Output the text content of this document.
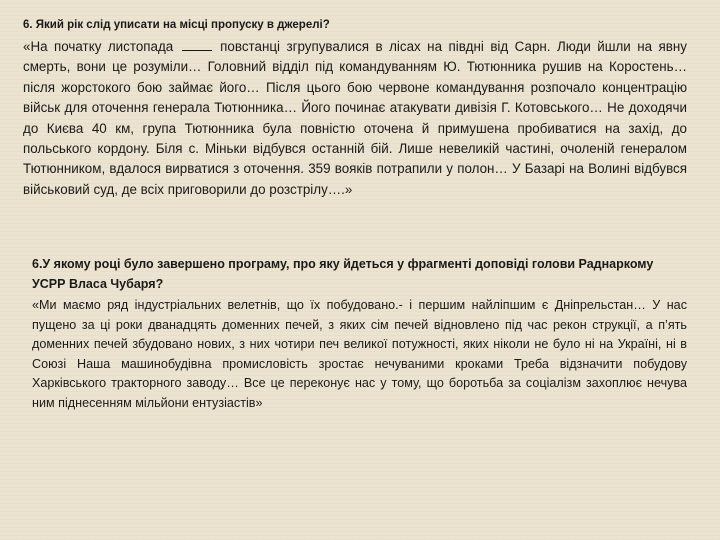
6. Який рік слід уписати на місці пропуску в джерелі?

«На початку листопада	повстанці згрупувалися в лісах на півдні від Сарн. Люди йшли на явну смерть, вони це розуміли… Головний відділ під командуванням Ю. Тютюнника рушив на Коростень… після жорстокого бою займає його… Після цього бою червоне командування розпочало концентрацію військ для оточення генерала Тютюнника… Його починає атакувати дивізія Г. Котовського… Не доходячи до Києва 40 км, група Тютюнника була повністю оточена й примушена пробиватися на захід, до польського кордону. Біля с. Міньки відбувся останній бій. Лише невеликій частині, очоленій генералом Тютюнником, вдалося вирватися з оточення. 359 вояків потрапили у полон… У Базарі на Волині відбувся військовий суд, де всіх приговорили до розстрілу….»

6.У якому році було завершено програму, про яку йдеться у фрагменті доповіді голови Раднаркому УСРР Власа Чубаря?

«Ми маємо ряд індустріальних велетнів, що їх побудовано.- і першим найліпшим є Дніпрельстан… У нас пущено за ці роки дванадцять доменних печей, з яких сім печей відновлено під час рекон струкції, а п’ять доменних печей збудовано нових, з них чотири печ великої потужності, яких ніколи не було ні на Україні, ні в Союзі Наша машинобудівна промисловість зростає нечуваними кроками Треба відзначити побудову Харківського тракторного заводу… Все це переконує нас у тому, що боротьба за соціалізм захоплює нечува ним піднесенням мільйони ентузіастів»
